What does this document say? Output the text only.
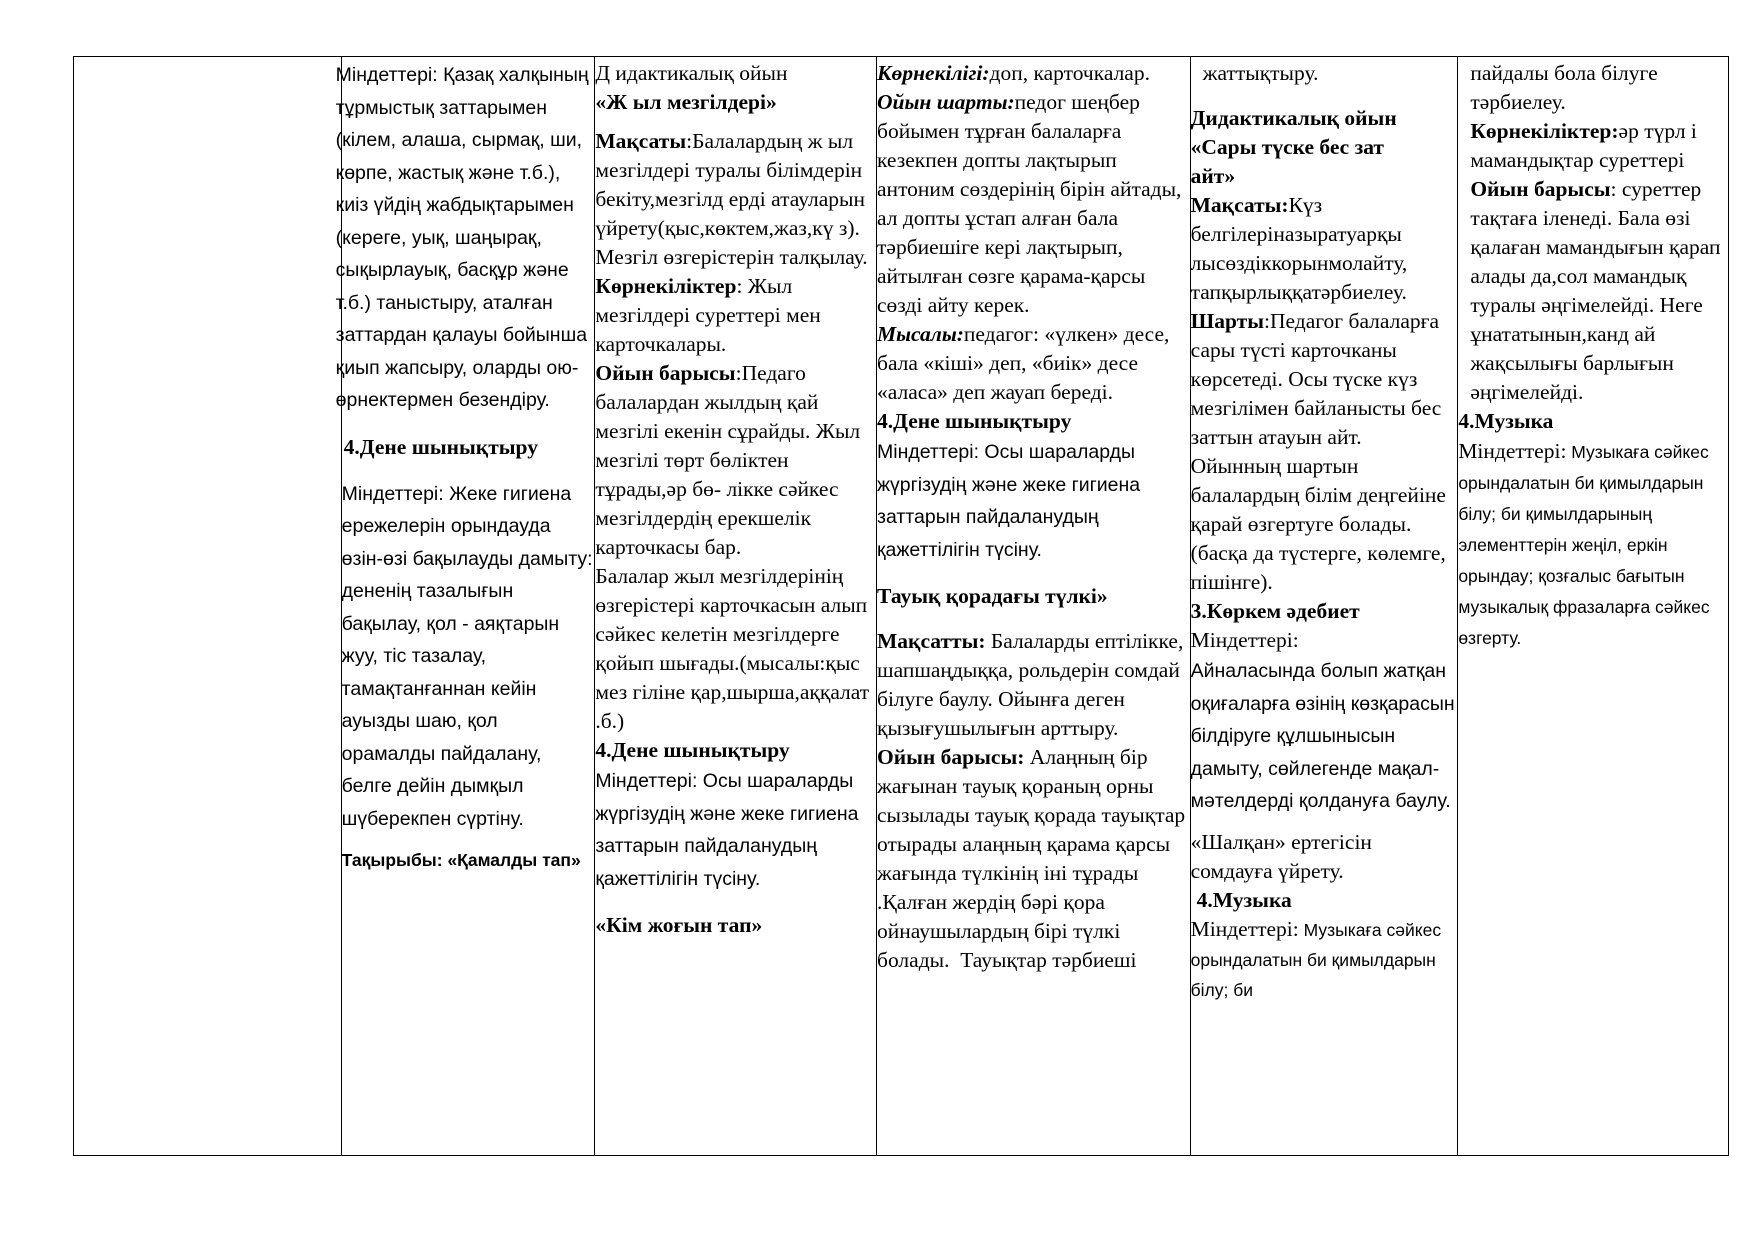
Міндеттері: Қазақ халқының тұрмыстық заттарымен (кілем, алаша, сырмақ, ши, көрпе, жастық және т.б.), киіз үйдің жабдықтарымен (кереге, уық, шаңырақ, сықырлауық, басқұр және т.б.) таныстыру, аталған заттардан қалауы бойынша қиып жапсыру, оларды ою-өрнектермен безендіру.

4.Дене шынықтыру

Міндеттері: Жеке гигиена ережелерін орындауда өзін-өзі бақылауды дамыту: дененің тазалығын бақылау, қол - аяқтарын жуу, тіс тазалау, тамақтанғаннан кейін ауызды шаю, қол орамалды пайдалану, белге дейін дымқыл шүберекпен сүртіну.

Тақырыбы: «Қамалды тап»

Д идактикалық ойын

«Ж ыл мезгілдері»

Мақсаты:Балалардың ж ыл мезгілдері туралы білімдерін бекіту,мезгілд ерді атауларын үйрету(қыс,көктем,жаз,кү з). Мезгіл өзгерістерін талқылау.

Көрнекіліктер: Жыл мезгілдері суреттері мен карточкалары.

Ойын барысы:Педаго балалардан жылдың қай мезгілі екенін сұрайды. Жыл мезгілі төрт бөліктен тұрады,әр бө- лікке сәйкес мезгілдердің ерекшелік карточкасы бар.

Балалар жыл мезгілдерінің өзгерістері карточкасын алып сәйкес келетін мезгілдерге қойып шығады.(мысалы:қыс мез гіліне қар,шырша,аққалат .б.)

4.Дене шынықтыру

Міндеттері: Осы шараларды жүргізудің және жеке гигиена заттарын пайдаланудың қажеттілігін түсіну.

«Кім жоғын тап»

Көрнекілігі:доп, карточкалар.

Ойын шарты:педог шеңбер бойымен тұрған балаларға кезекпен допты лақтырып антоним сөздерінің бірін айтады, ал допты ұстап алған бала тәрбиешіге кері лақтырып, айтылған сөзге қарама-қарсы сөзді айту керек.

Мысалы:педагог: «үлкен» десе, бала «кіші» деп, «биік» десе «аласа» деп жауап береді.

4.Дене шынықтыру

Міндеттері: Осы шараларды жүргізудің және жеке гигиена заттарын пайдаланудың қажеттілігін түсіну.

Тауық қорадағы түлкі»

Мақсатты: Балаларды ептілікке, шапшаңдыққа, рольдерін сомдай білуге баулу. Ойынға деген қызығушылығын арттыру.

Ойын барысы: Алаңның бір жағынан тауық қораның орны сызылады тауық қорада тауықтар отырады алаңның қарама қарсы жағында түлкінің іні тұрады .Қалған жердің бәрі қора ойнаушылардың бірі түлкі болады.  Тауықтар тәрбиеші

жаттықтыру.

Дидактикалық ойын «Сары түске бес зат айт»

Мақсаты:Күз белгілеріназыратуарқы лысөздіккорынмолайту, тапқырлыққатәрбиелеу.

Шарты:Педагог балаларға сары түсті карточканы көрсетеді. Осы түске күз мезгілімен байланысты бес заттын атауын айт. Ойынның шартын балалардың білім деңгейіне қарай өзгертуге болады.(басқа да түстерге, көлемге, пішінге).

3.Көркем әдебиет

Міндеттері:

Айналасында болып жатқан оқиғаларға өзінің көзқарасын білдіруге құлшынысын дамыту, сөйлегенде мақал-мәтелдерді қолдануға баулу.

«Шалқан» ертегісін сомдауға үйрету.

4.Музыка

Міндеттері: Музыкаға сәйкес орындалатын би қимылдарын білу; би

пайдалы бола білуге тәрбиелеу.

Көрнекіліктер:әр түрл і мамандықтар суреттері

Ойын барысы: суреттер тақтаға іленеді. Бала өзі қалаған мамандығын қарап алады да,сол мамандық туралы әңгімелейді. Неге ұнататынын,канд ай жақсылығы барлығын әңгімелейді.

4.Музыка

Міндеттері: Музыкаға сәйкес орындалатын би қимылдарын білу; би қимылдарының элементтерін жеңіл, еркін орындау; қозғалыс бағытын музыкалық фразаларға сәйкес өзгерту.
